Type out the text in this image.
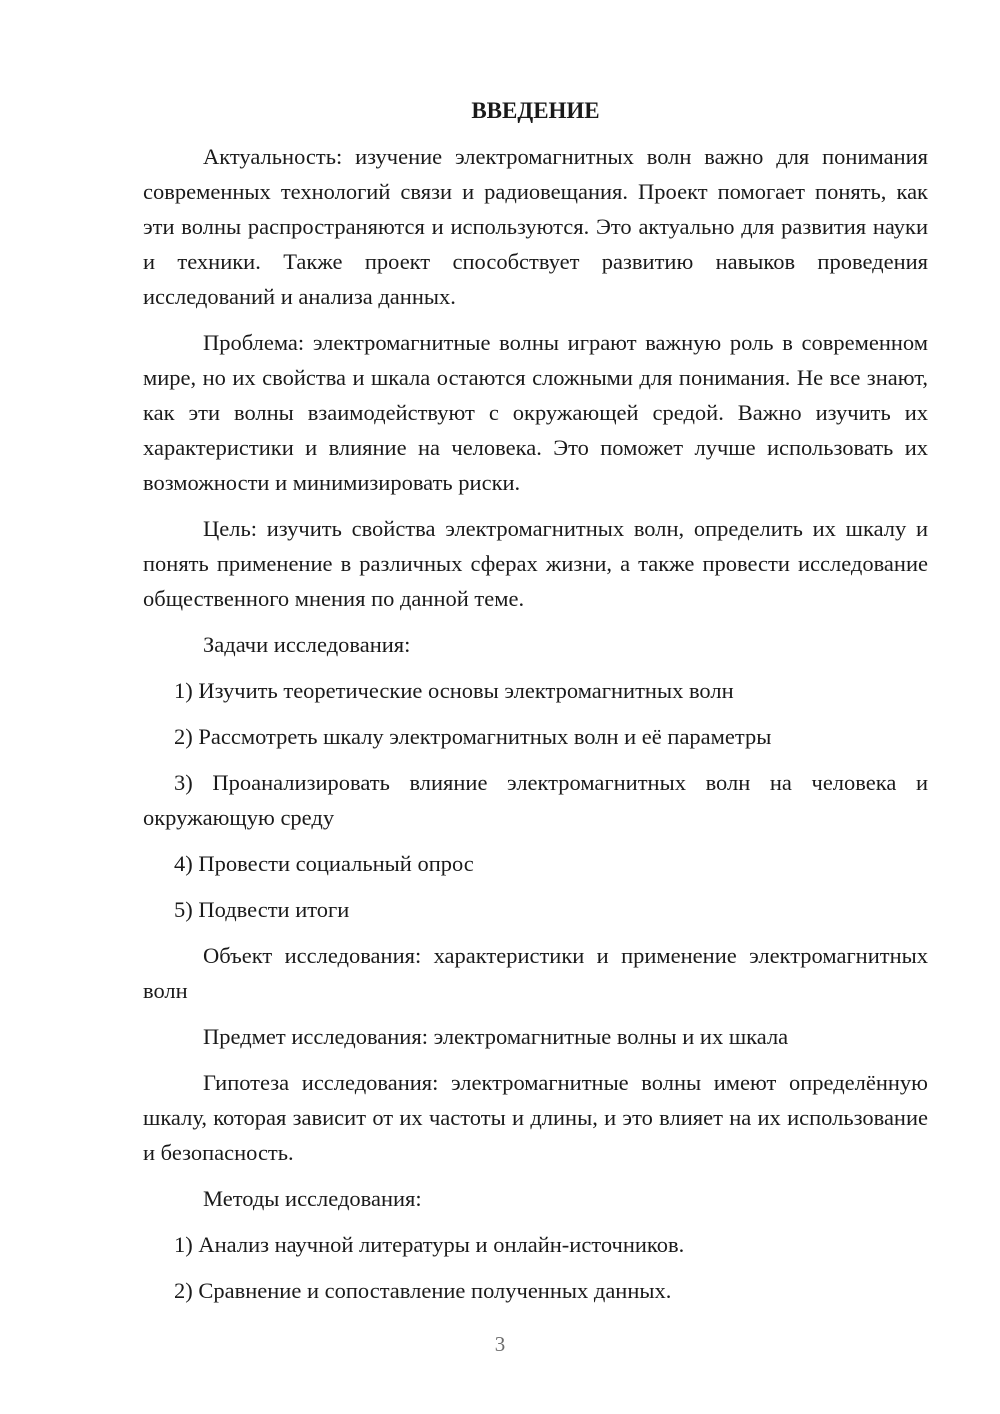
ВВЕДЕНИЕ

Актуальность: изучение электромагнитных волн важно для понимания современных технологий связи и радиовещания. Проект помогает понять, как эти волны распространяются и используются. Это актуально для развития науки и техники. Также проект способствует развитию навыков проведения исследований и анализа данных.

Проблема: электромагнитные волны играют важную роль в современном мире, но их свойства и шкала остаются сложными для понимания. Не все знают, как эти волны взаимодействуют с окружающей средой. Важно изучить их характеристики и влияние на человека. Это поможет лучше использовать их возможности и минимизировать риски.

Цель: изучить свойства электромагнитных волн, определить их шкалу и понять применение в различных сферах жизни, а также провести исследование общественного мнения по данной теме.

Задачи исследования:

1) Изучить теоретические основы электромагнитных волн

2) Рассмотреть шкалу электромагнитных волн и её параметры

3) Проанализировать влияние электромагнитных волн на человека и окружающую среду

4) Провести социальный опрос

5) Подвести итоги

Объект исследования: характеристики и применение электромагнитных волн

Предмет исследования: электромагнитные волны и их шкала

Гипотеза исследования: электромагнитные волны имеют определённую шкалу, которая зависит от их частоты и длины, и это влияет на их использование и безопасность.

Методы исследования:

1) Анализ научной литературы и онлайн-источников.

2) Сравнение и сопоставление полученных данных.

3
